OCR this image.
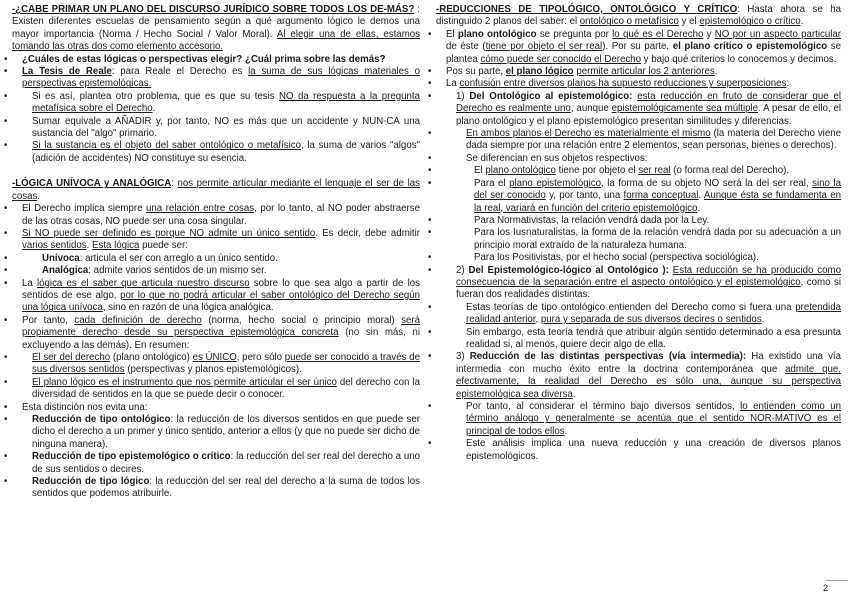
-¿CABE PRIMAR UN PLANO DEL DISCURSO JURÍDICO SOBRE TODOS LOS DE-MÁS? : Existen diferentes escuelas de pensamiento según a qué argumento lógico le demos una mayor importancia (Norma / Hecho Social / Valor Moral). Al elegir una de ellas, estamos tomando las otras dos como elemento accesorio.

• ¿Cuáles de estas lógicas o perspectivas elegir? ¿Cuál prima sobre las demás?
• La Tesis de Reale: para Reale el Derecho es la suma de sus lógicas materiales o perspectivas epistemológicas.
• Si es así, plantea otro problema, que es que su tesis NO da respuesta a la pregunta metafísica sobre el Derecho.
• Sumar equivale a AÑADIR y, por tanto, NO es más que un accidente y NUN-CA una sustancia del "algo" primario.
• Si la sustancia es el objeto del saber ontológico o metafísico, la suma de varios "algos" (adición de accidentes) NO constituye su esencia.

-LÓGICA UNÍVOCA y ANALÓGICA: nos permite articular mediante el lenguaje el ser de las cosas.

• El Derecho implica siempre una relación entre cosas, por lo tanto, al NO poder abstraerse de las otras cosas, NO puede ser una cosa singular.
• Si NO puede ser definido es porque NO admite un único sentido. Es decir, debe admitir varios sentidos. Esta lógica puede ser:
• Unívoca: articula el ser con arreglo a un único sentido.
• Analógica: admite varios sentidos de un mismo ser.
• La lógica es el saber que articula nuestro discurso sobre lo que sea algo a partir de los sentidos de ese algo, por lo que no podrá articular el saber ontológico del Derecho según una lógica unívoca, sino en razón de una lógica analógica.
• Por tanto, cada definición de derecho (norma, hecho social o principio moral) será propiamente derecho desde su perspectiva epistemológica concreta (no sin más, ni excluyendo a las demás). En resumen:
• El ser del derecho (plano ontológico) es ÚNICO, pero sólo puede ser conocido a través de sus diversos sentidos (perspectivas y planos epistemológicos).
• El plano lógico es el instrumento que nos permite articular el ser único del derecho con la diversidad de sentidos en la que se puede decir o conocer.
• Esta distinción nos evita una:
• Reducción de tipo ontológico: la reducción de los diversos sentidos en que puede ser dicho el derecho a un primer y único sentido, anterior a ellos (y que no puede ser dicho de ninguna manera).
• Reducción de tipo epistemológico o crítico: la reducción del ser real del derecho a uno de sus sentidos o decires.
• Reducción de tipo lógico: la reducción del ser real del derecho a la suma de todos los sentidos que podemos atribuirle.

-REDUCCIONES DE TIPOLÓGICO, ONTOLÓGICO Y CRÍTICO: Hasta ahora se ha distinguido 2 planos del saber: el ontológico o metafísico y el epistemológico o crítico.

• El plano ontológico se pregunta por lo qué es el Derecho y NO por un aspecto particular de éste (tiene por objeto el ser real). Por su parte, el plano crítico o epistemológico se plantea cómo puede ser conocido el Derecho y bajo qué criterios lo conocemos y decimos.
• Pos su parte, el plano lógico permite articular los 2 anteriores.
• La confusión entre diversos planos ha supuesto reducciones y superposiciones:
• 1) Del Ontológico al epistemológico: esta reducción en fruto de considerar que el Derecho es realmente uno, aunque epistemológicamente sea múltiple. A pesar de ello, el plano ontológico y el plano epistemológico presentan similitudes y diferencias:
• En ambos planos el Derecho es materialmente el mismo (la materia del Derecho viene dada siempre por una relación entre 2 elementos, sean personas, bienes o derechos).
• Se diferencian en sus objetos respectivos:
• El plano ontológico tiene por objeto el ser real (o forma real del Derecho).
• Para el plano epistemológico, la forma de su objeto NO será la del ser real, sino la del ser conocido y, por tanto, una forma conceptual. Aunque ésta se fundamenta en la real, variará en función del criterio epistemológico.
• Para Normativistas, la relación vendrá dada por la Ley.
• Para los Iusnaturalistas, la forma de la relación vendrá dada por su adecuación a un principio moral extraído de la naturaleza humana.
• Para los Positivistas, por el hecho social (perspectiva sociológica).
• 2) Del Epistemológico-lógico al Ontológico ): Esta reducción se ha producido como consecuencia de la separación entre el aspecto ontológico y el epistemológico, como si fueran dos realidades distintas.
• Estas teorías de tipo ontológico entienden del Derecho como si fuera una pretendida realidad anterior, pura y separada de sus diversos decires o sentidos.
• Sin embargo, esta teoría tendrá que atribuir algún sentido determinado a esa presunta realidad si, al menos, quiere decir algo de ella.
• 3) Reducción de las distintas perspectivas (vía intermedia): Ha existido una vía intermedia con mucho éxito entre la doctrina contemporánea que admite que, efectivamente, la realidad del Derecho es sólo una, aunque su perspectiva epistemológica sea diversa.
• Por tanto, al considerar el término bajo diversos sentidos, lo entienden como un término análogo y generalmente se acentúa que el sentido NOR-MATIVO es el principal de todos ellos.
• Este análisis implica una nueva reducción y una creación de diversos planos epistemológicos.
2
